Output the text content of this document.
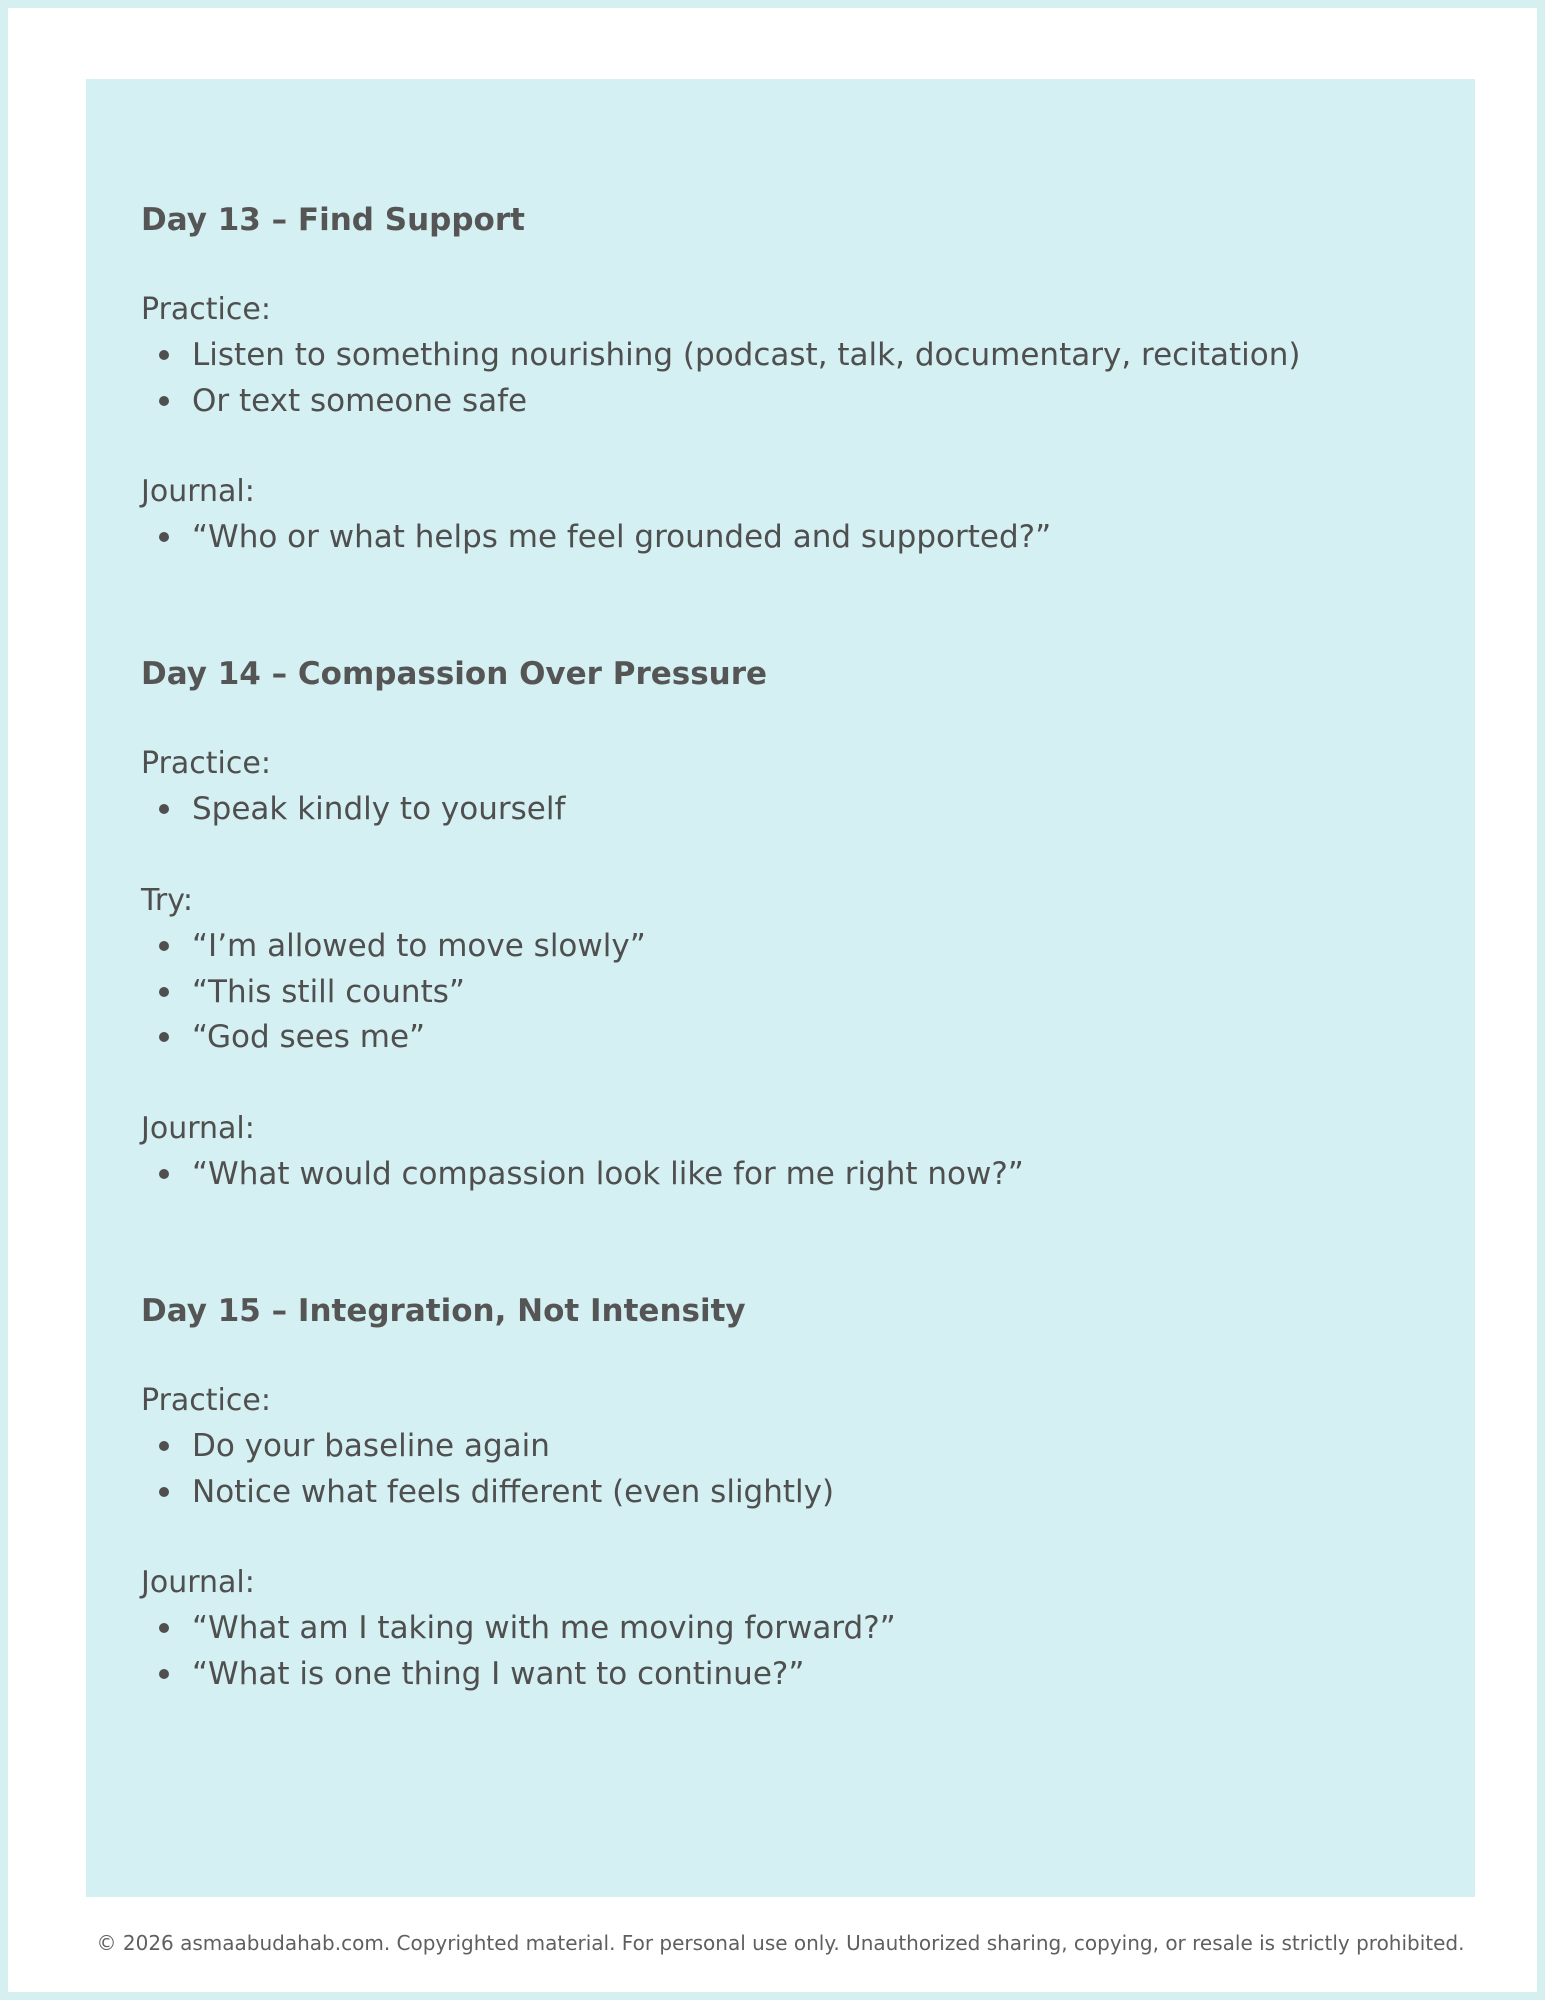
Day 13 – Find Support
Practice:
Listen to something nourishing (podcast, talk, documentary, recitation)
Or text someone safe
Journal:
“Who or what helps me feel grounded and supported?”
Day 14 – Compassion Over Pressure
Practice:
Speak kindly to yourself
Try:
“I’m allowed to move slowly”
“This still counts”
“God sees me”
Journal:
“What would compassion look like for me right now?”
Day 15 – Integration, Not Intensity
Practice:
Do your baseline again
Notice what feels different (even slightly)
Journal:
“What am I taking with me moving forward?”
“What is one thing I want to continue?”
© 2026 asmaabudahab.com. Copyrighted material. For personal use only. Unauthorized sharing, copying, or resale is strictly prohibited.
